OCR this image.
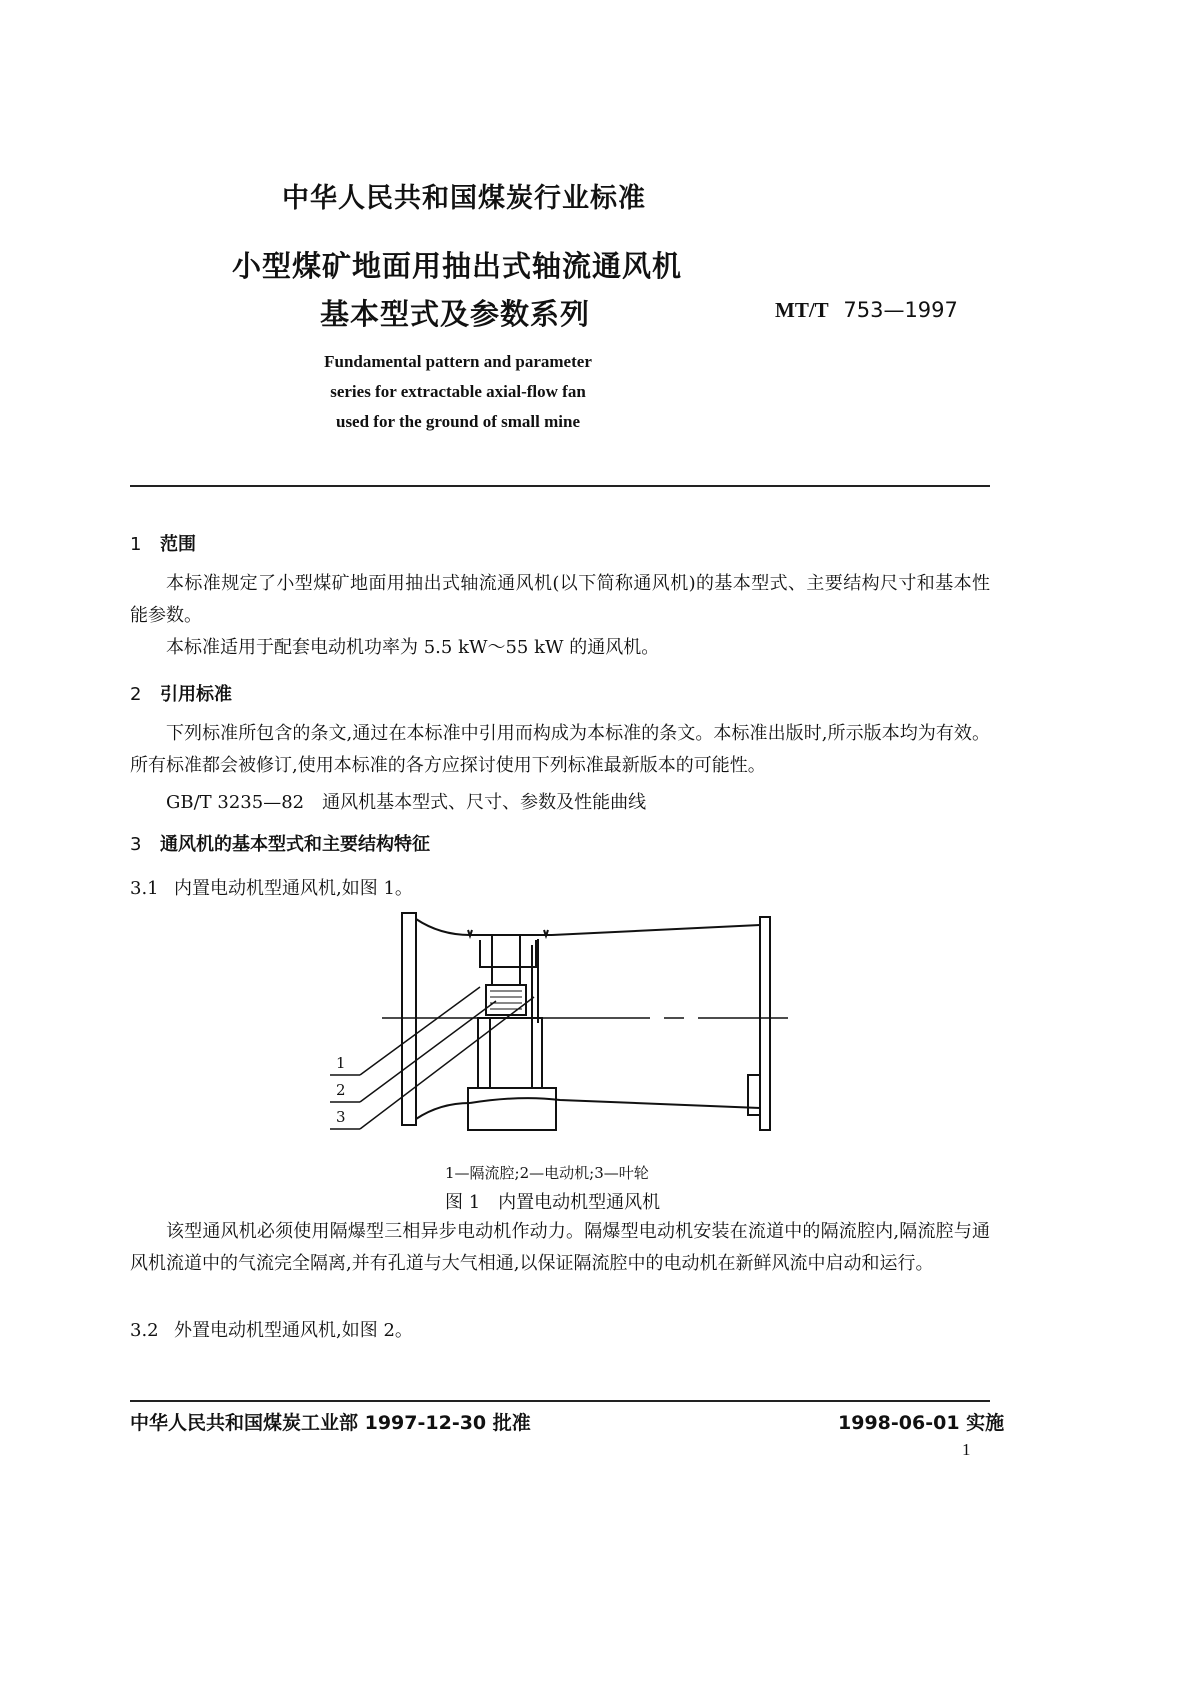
中华人民共和国煤炭行业标准
小型煤矿地面用抽出式轴流通风机
基本型式及参数系列	MT/T 753—1997
Fundamental pattern and parameter
series for extractable axial-flow fan
used for the ground of small mine
1 范围
本标准规定了小型煤矿地面用抽出式轴流通风机(以下简称通风机)的基本型式、主要结构尺寸和基本性能参数。
本标准适用于配套电动机功率为 5.5 kW～55 kW 的通风机。
2 引用标准
下列标准所包含的条文,通过在本标准中引用而构成为本标准的条文。本标准出版时,所示版本均为有效。所有标准都会被修订,使用本标准的各方应探讨使用下列标准最新版本的可能性。
GB/T 3235—82 通风机基本型式、尺寸、参数及性能曲线
3 通风机的基本型式和主要结构特征
3.1 内置电动机型通风机,如图 1。
1
2
3
1—隔流腔;2—电动机;3—叶轮
图 1　内置电动机型通风机
该型通风机必须使用隔爆型三相异步电动机作动力。隔爆型电动机安装在流道中的隔流腔内,隔流腔与通风机流道中的气流完全隔离,并有孔道与大气相通,以保证隔流腔中的电动机在新鲜风流中启动和运行。
3.2 外置电动机型通风机,如图 2。
中华人民共和国煤炭工业部 1997-12-30 批准	1998-06-01 实施
1
